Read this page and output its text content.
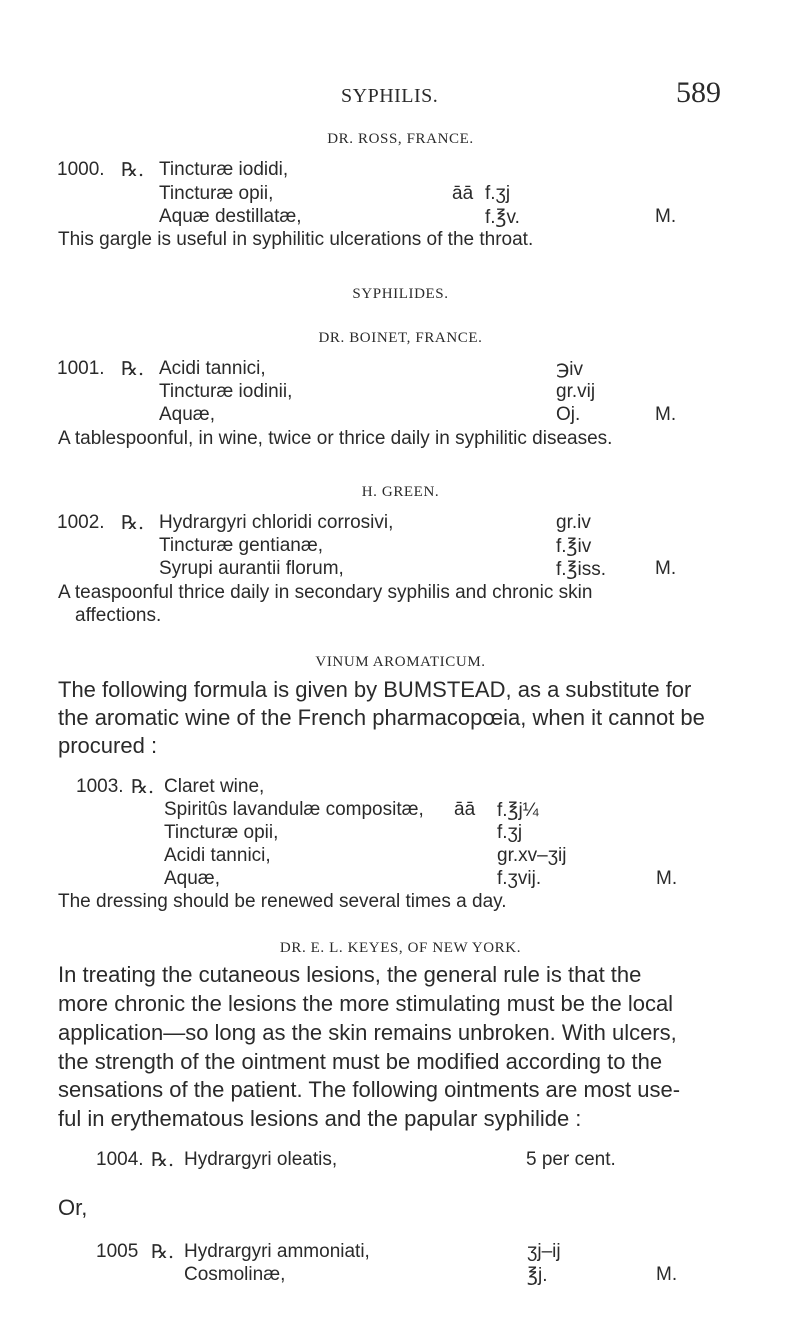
SYPHILIS.	589
DR. ROSS, FRANCE.
1000. ℞. Tincturæ iodidi,
Tincturæ opii,	āā f.ʒj
Aquæ destillatæ,	f.℥v.	M.
This gargle is useful in syphilitic ulcerations of the throat.
SYPHILIDES.
DR. BOINET, FRANCE.
1001. ℞. Acidi tannici,	℈iv
Tincturæ iodinii,	gr.vij
Aquæ,	Oj.	M.
A tablespoonful, in wine, twice or thrice daily in syphilitic diseases.
H. GREEN.
1002. ℞. Hydrargyri chloridi corrosivi,	gr.iv
Tincturæ gentianæ,	f.℥iv
Syrupi aurantii florum,	f.℥iss.	M.
A teaspoonful thrice daily in secondary syphilis and chronic skin
affections.
VINUM AROMATICUM.
The following formula is given by BUMSTEAD, as a substitute for
the aromatic wine of the French pharmacopœia, when it cannot be
procured :
1003. ℞. Claret wine,
Spiritûs lavandulæ compositæ, āā f.℥j¼
Tincturæ opii,	f.ʒj
Acidi tannici,	gr.xv–ʒij
Aquæ,	f.ʒvij.	M.
The dressing should be renewed several times a day.
DR. E. L. KEYES, OF NEW YORK.
In treating the cutaneous lesions, the general rule is that the
more chronic the lesions the more stimulating must be the local
application—so long as the skin remains unbroken. With ulcers,
the strength of the ointment must be modified according to the
sensations of the patient. The following ointments are most use-
ful in erythematous lesions and the papular syphilide :
1004. ℞. Hydrargyri oleatis,	5 per cent.
Or,
1005 ℞. Hydrargyri ammoniati,	ʒj–ij
Cosmolinæ,	℥j.	M.
